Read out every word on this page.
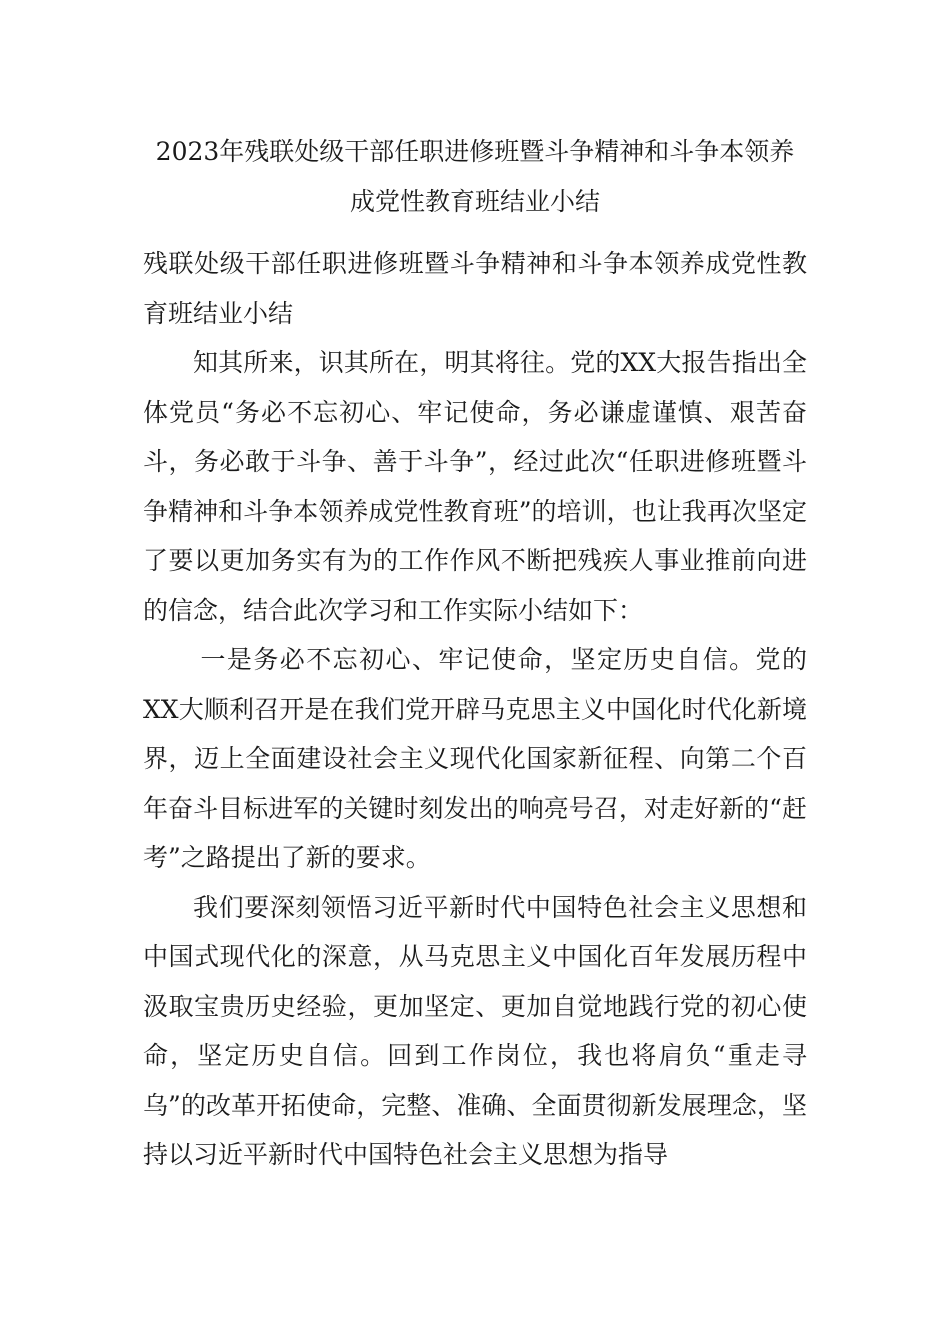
2023年残联处级干部任职进修班暨斗争精神和斗争本领养
成党性教育班结业小结

残联处级干部任职进修班暨斗争精神和斗争本领养成党性教育班结业小结

知其所来，识其所在，明其将往。党的XX大报告指出全体党员“务必不忘初心、牢记使命，务必谦虚谨慎、艰苦奋斗，务必敢于斗争、善于斗争”，经过此次“任职进修班暨斗争精神和斗争本领养成党性教育班”的培训，也让我再次坚定了要以更加务实有为的工作作风不断把残疾人事业推前向进的信念，结合此次学习和工作实际小结如下：

一是务必不忘初心、牢记使命，坚定历史自信。党的XX大顺利召开是在我们党开辟马克思主义中国化时代化新境界，迈上全面建设社会主义现代化国家新征程、向第二个百年奋斗目标进军的关键时刻发出的响亮号召，对走好新的“赶考”之路提出了新的要求。

我们要深刻领悟习近平新时代中国特色社会主义思想和中国式现代化的深意，从马克思主义中国化百年发展历程中汲取宝贵历史经验，更加坚定、更加自觉地践行党的初心使命，坚定历史自信。回到工作岗位，我也将肩负“重走寻乌”的改革开拓使命，完整、准确、全面贯彻新发展理念，坚持以习近平新时代中国特色社会主义思想为指导
